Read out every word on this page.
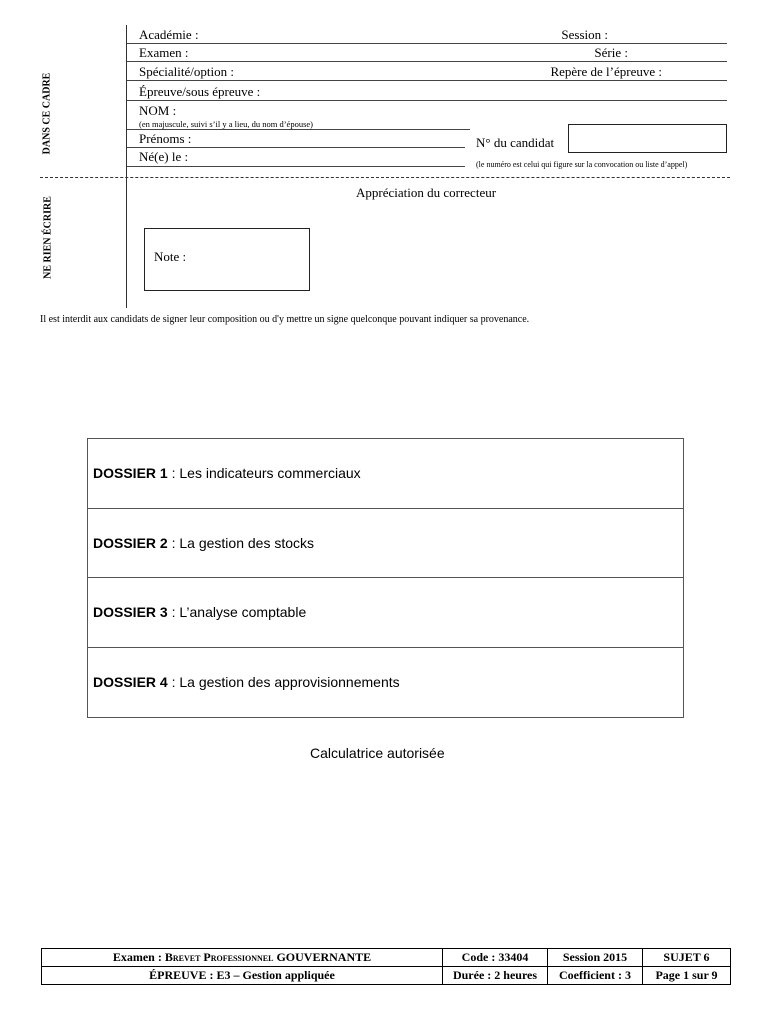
DANS CE CADRE
NE RIEN ÉCRIRE
Académie :	Session :
Examen :	Série :
Spécialité/option :	Repère de l’épreuve :
Épreuve/sous épreuve :
NOM :
(en majuscule, suivi s’il y a lieu, du nom d’épouse)
Prénoms :	N° du candidat
Né(e) le :
(le numéro est celui qui figure sur la convocation ou liste d’appel)
Appréciation du correcteur
Note :
Il est interdit aux candidats de signer leur composition ou d'y mettre un signe quelconque pouvant indiquer sa provenance.
DOSSIER 1 : Les indicateurs commerciaux
DOSSIER 2 : La gestion des stocks
DOSSIER 3 : L’analyse comptable
DOSSIER 4 : La gestion des approvisionnements
Calculatrice autorisée
Examen : Brevet Professionnel GOUVERNANTE	Code : 33404	Session 2015	SUJET 6
ÉPREUVE : E3 – Gestion appliquée	Durée : 2 heures	Coefficient : 3	Page 1 sur 9
